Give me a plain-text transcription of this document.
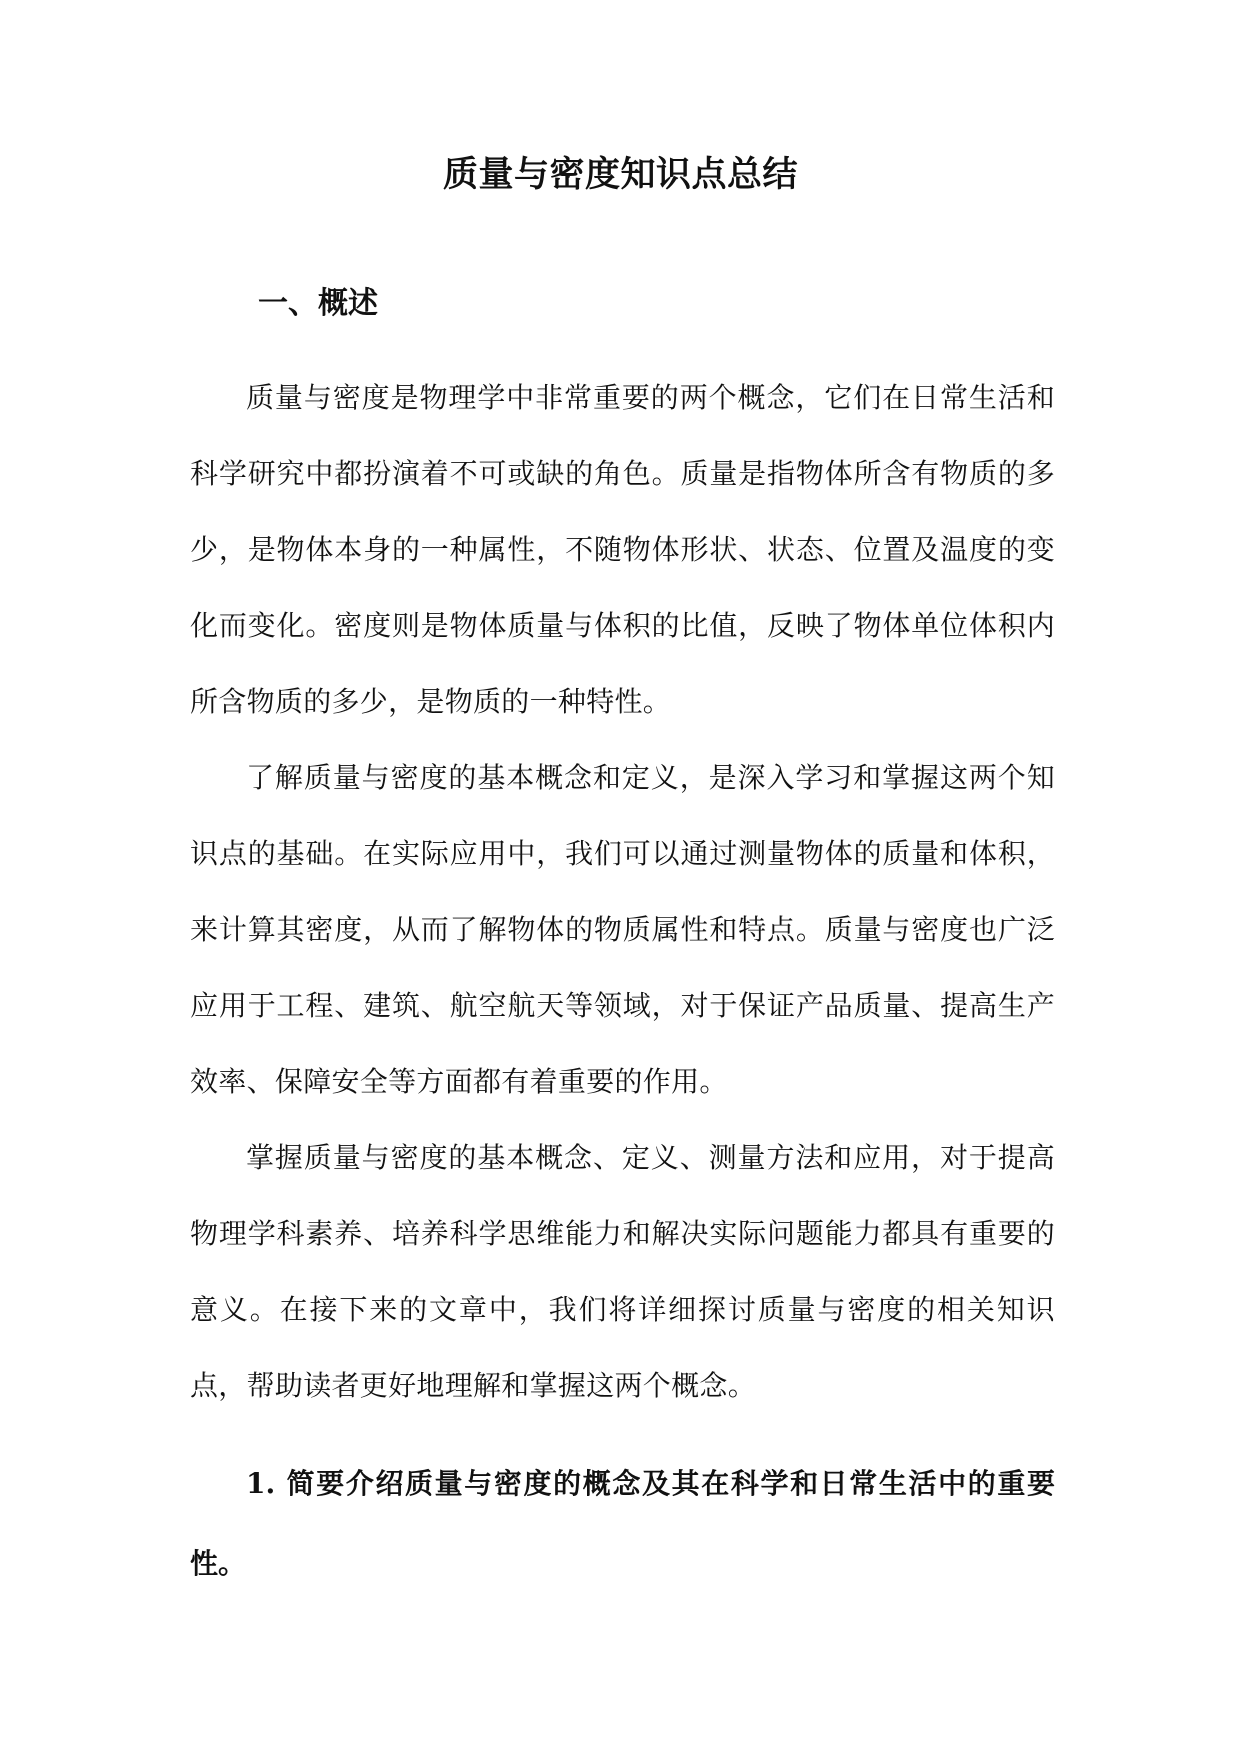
质量与密度知识点总结
一、概述

质量与密度是物理学中非常重要的两个概念，它们在日常生活和科学研究中都扮演着不可或缺的角色。质量是指物体所含有物质的多少，是物体本身的一种属性，不随物体形状、状态、位置及温度的变化而变化。密度则是物体质量与体积的比值，反映了物体单位体积内所含物质的多少，是物质的一种特性。

了解质量与密度的基本概念和定义，是深入学习和掌握这两个知识点的基础。在实际应用中，我们可以通过测量物体的质量和体积，来计算其密度，从而了解物体的物质属性和特点。质量与密度也广泛应用于工程、建筑、航空航天等领域，对于保证产品质量、提高生产效率、保障安全等方面都有着重要的作用。

掌握质量与密度的基本概念、定义、测量方法和应用，对于提高物理学科素养、培养科学思维能力和解决实际问题能力都具有重要的意义。在接下来的文章中，我们将详细探讨质量与密度的相关知识点，帮助读者更好地理解和掌握这两个概念。

1. 简要介绍质量与密度的概念及其在科学和日常生活中的重要性。
